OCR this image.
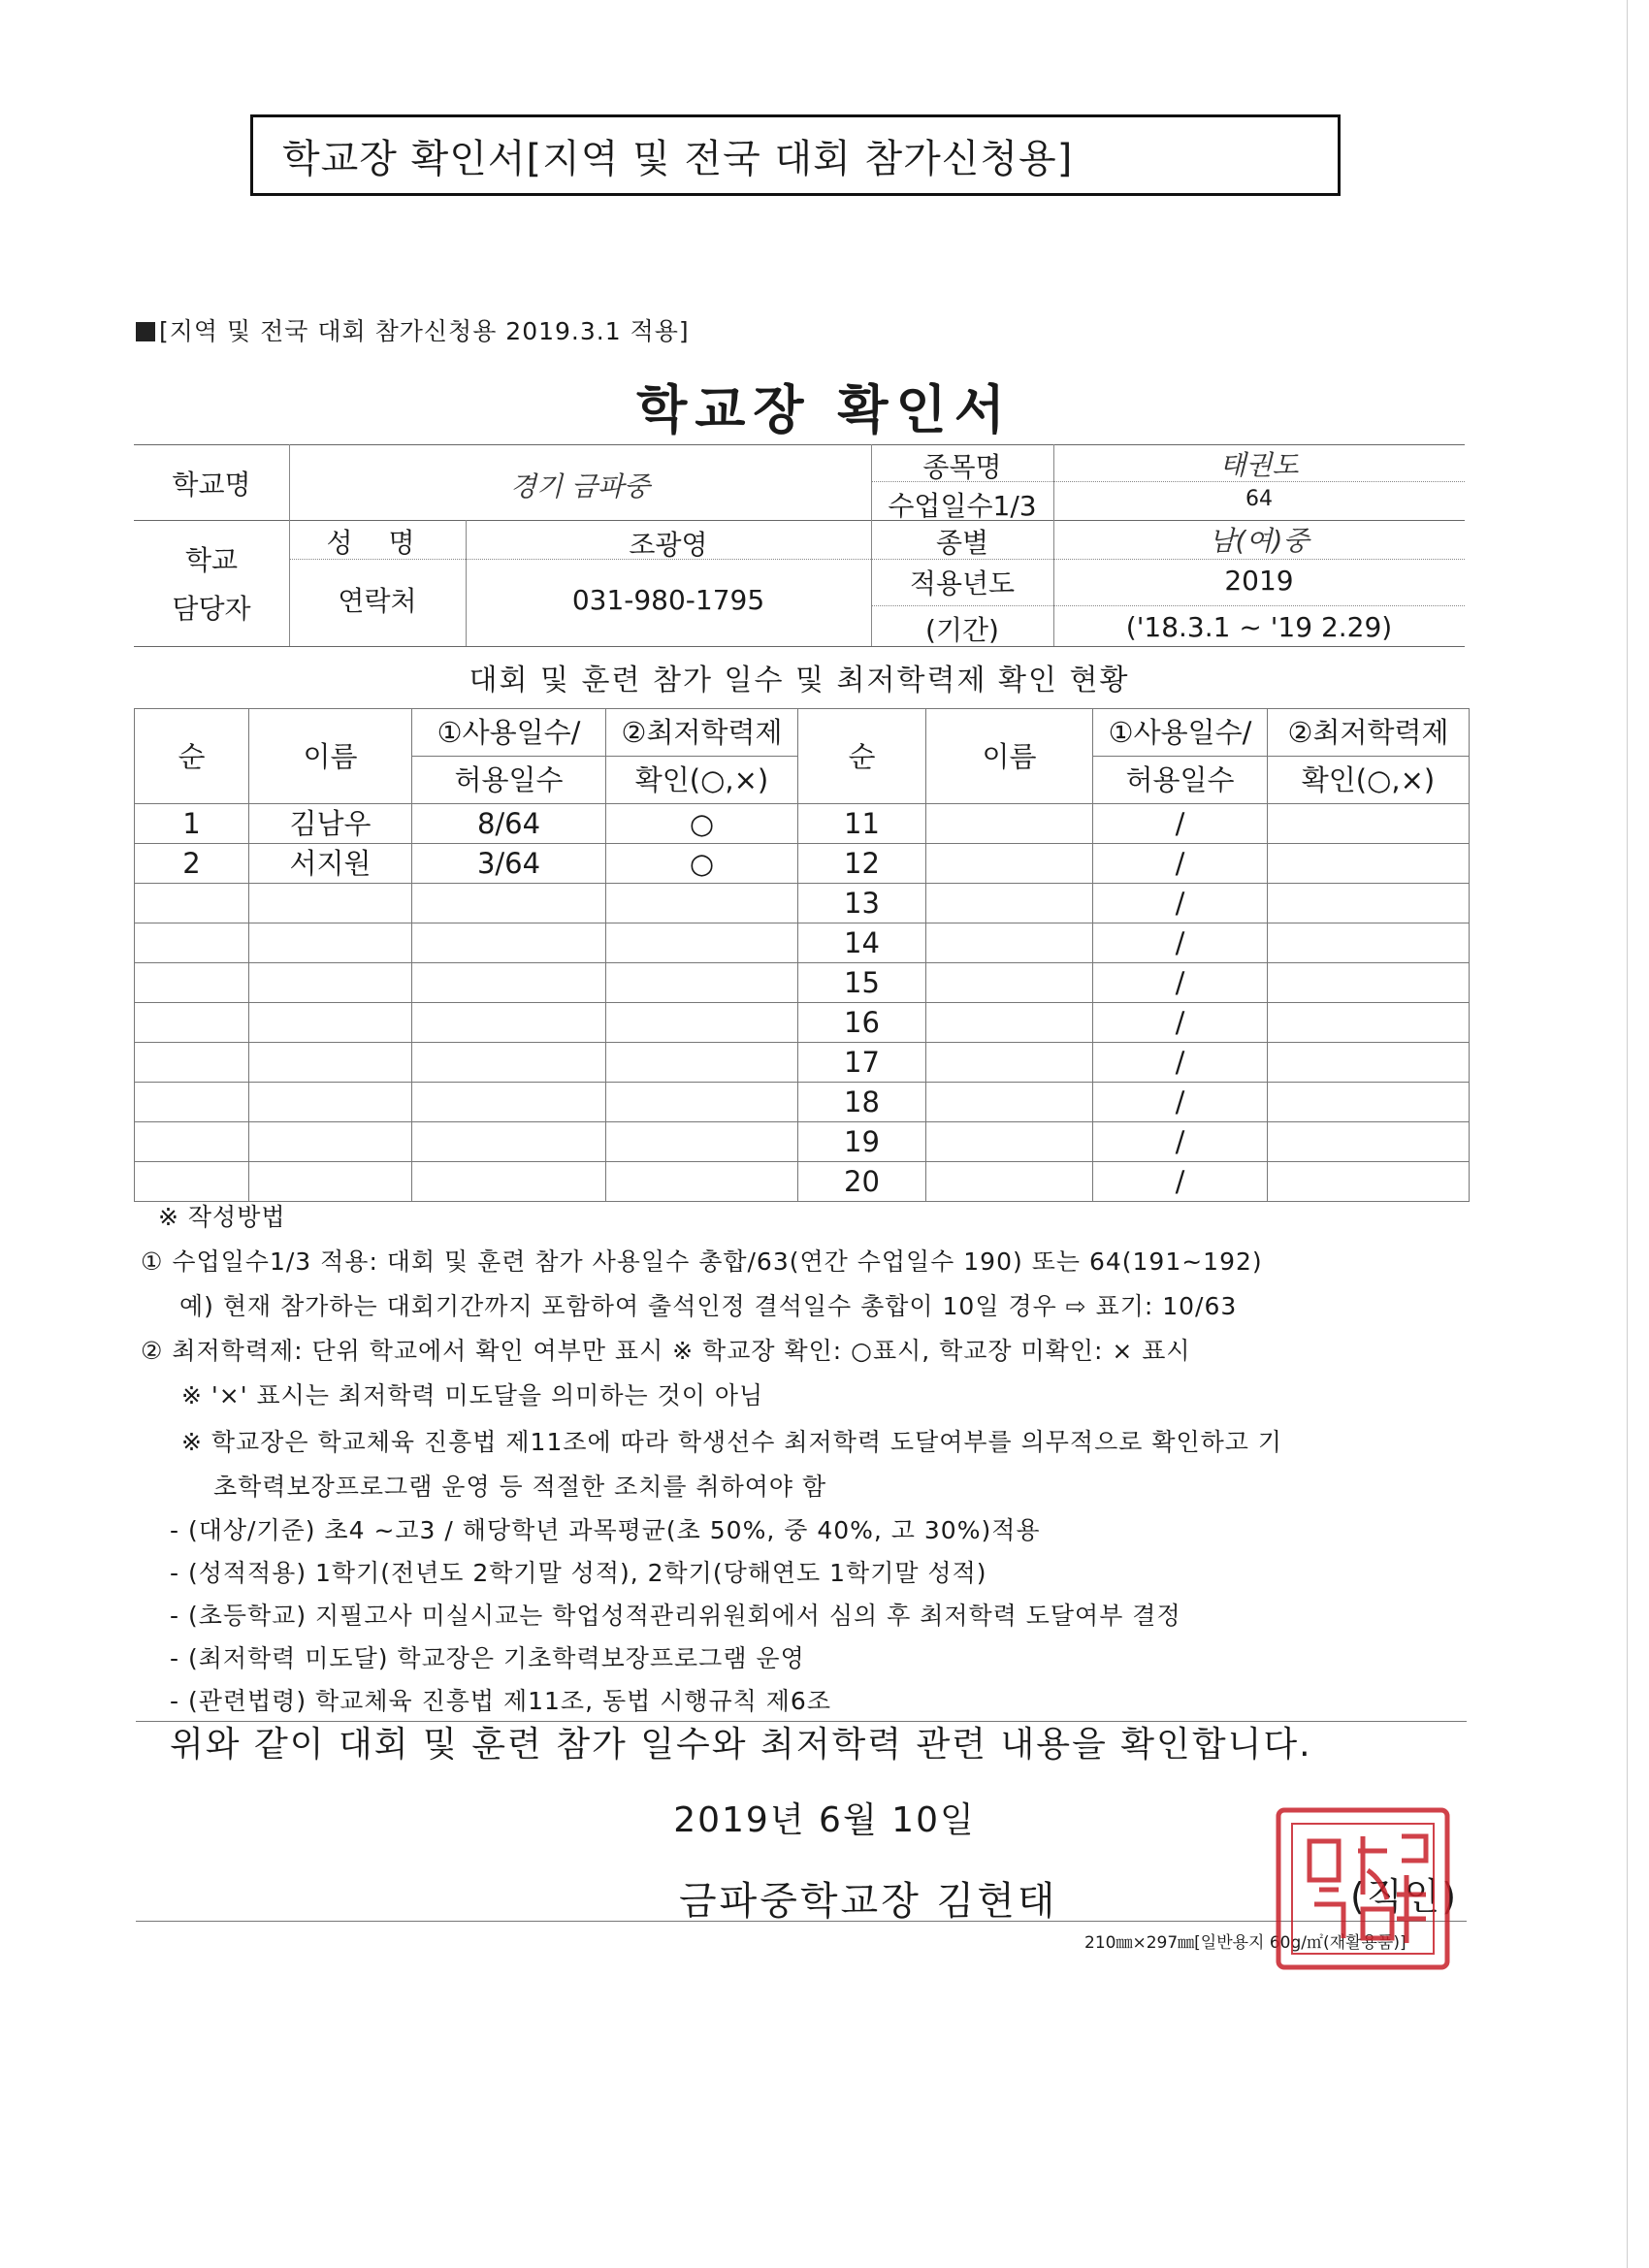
학교장 확인서[지역 및 전국 대회 참가신청용]
[지역 및 전국 대회 참가신청용 2019.3.1 적용]
학교장 확인서
학교명	경기 금파중
종목명	태권도
수업일수1/3	64
학교
담당자
성 명	조광영
연락처	031-980-1795
종별	남(여)중
적용년도	2019
(기간)	('18.3.1 ~ '19 2.29)
대회 및 훈련 참가 일수 및 최저학력제 확인 현황
순	이름	①사용일수/	②최저학력제	순	이름	①사용일수/	②최저학력제
		허용일수	확인(○,×)			허용일수	확인(○,×)
1	김남우	8/64	○	11		/	
2	서지원	3/64	○	12		/	
				13		/	
				14		/	
				15		/	
				16		/	
				17		/	
				18		/	
				19		/	
				20		/	
※ 작성방법
① 수업일수1/3 적용: 대회 및 훈련 참가 사용일수 총합/63(연간 수업일수 190) 또는 64(191~192)
예) 현재 참가하는 대회기간까지 포함하여 출석인정 결석일수 총합이 10일 경우 ⇨ 표기: 10/63
② 최저학력제: 단위 학교에서 확인 여부만 표시 ※ 학교장 확인: ○표시, 학교장 미확인: × 표시
※ '×' 표시는 최저학력 미도달을 의미하는 것이 아님
※ 학교장은 학교체육 진흥법 제11조에 따라 학생선수 최저학력 도달여부를 의무적으로 확인하고 기
초학력보장프로그램 운영 등 적절한 조치를 취하여야 함
- (대상/기준) 초4 ~고3 / 해당학년 과목평균(초 50%, 중 40%, 고 30%)적용
- (성적적용) 1학기(전년도 2학기말 성적), 2학기(당해연도 1학기말 성적)
- (초등학교) 지필고사 미실시교는 학업성적관리위원회에서 심의 후 최저학력 도달여부 결정
- (최저학력 미도달) 학교장은 기초학력보장프로그램 운영
- (관련법령) 학교체육 진흥법 제11조, 동법 시행규칙 제6조
위와 같이 대회 및 훈련 참가 일수와 최저학력 관련 내용을 확인합니다.
2019년 6월 10일
금파중학교장 김현태	(직인)
210㎜×297㎜[일반용지 60g/㎡(재활용품)]
